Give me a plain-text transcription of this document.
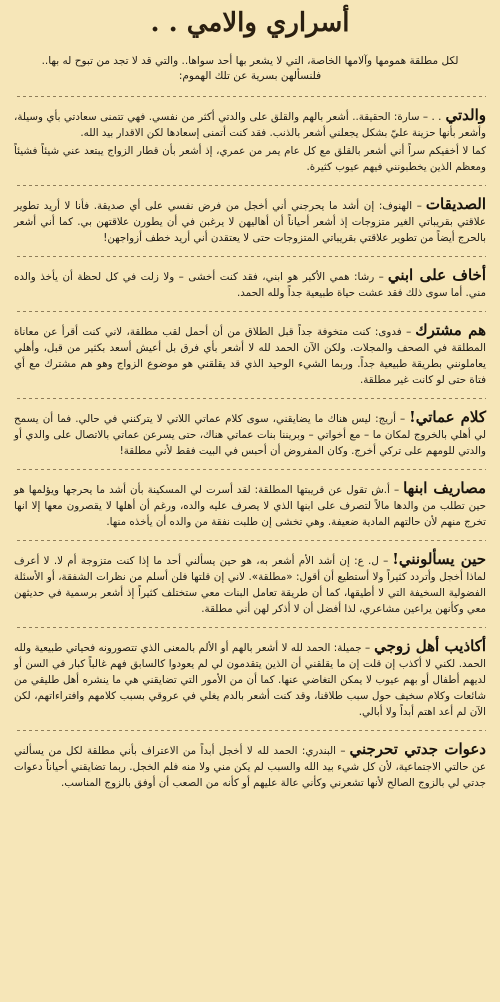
أسراري والامي . .
لكل مطلقة همومها وآلامها الخاصة، التي لا يشعر بها أحد سواها.. والتي قد لا تجد من تبوح له بها.. فلنسألهن بسرية عن تلك الهموم:

والدتي. . – سارة: الحقيقة.. أشعر بالهم والقلق على والدتي أكثر من نفسي. فهي تتمنى سعادتي بأي وسيلة، وأشعر بأنها حزينة عليّ بشكل يجعلني أشعر بالذنب. فقد كنت أتمنى إسعادها لكن الاقدار بيد الله.

كما لا أخفيكم سراً أني أشعر بالقلق مع كل عام يمر من عمري، إذ أشعر بأن قطار الزواج يبتعد عني شيئاً فشيئاً ومعظم الذين يخطبونني فيهم عيوب كثيرة.

الصديقات– الهنوف: إن أشد ما يحرجني أني أخجل من فرض نفسي على أي صديقة. فأنا لا أريد تطوير علاقتي بقريباتي الغير متزوجات إذ أشعر أحياناً أن أهاليهن لا يرغبن في أن يطورن علاقتهن بي. كما أني أشعر بالحرج أيضاً من تطوير علاقتي بقريباتي المتزوجات حتى لا يعتقدن أني أريد خطف أزواجهن!

أخاف على ابني– رشا: همي الأكبر هو ابني، فقد كنت أخشى – ولا زلت في كل لحظة أن يأخذ والده مني. أما سوى ذلك فقد عشت حياة طبيعية جداً ولله الحمد.

هم مشترك– فدوى: كنت متخوفة جداً قبل الطلاق من أن أحمل لقب مطلقة، لاني كنت أقرأ عن معاناة المطلقة في الصحف والمجلات. ولكن الآن الحمد لله لا أشعر بأي فرق بل أعيش أسعد بكثير من قبل، وأهلي يعاملونني بطريقة طبيعية جداً. وربما الشيء الوحيد الذي قد يقلقني هو موضوع الزواج وهو هم مشترك مع أي فتاة حتى لو كانت غير مطلقة.

كلام عماتي!– أريج: ليس هناك ما يضايقني، سوى كلام عماتي اللاتي لا يتركنني في حالي. فما أن يسمح لي أهلي بالخروج لمكان ما – مع أخواتي – وبريننا بنات عماتي هناك، حتى يسرعن عماتي بالاتصال على والدي أو والدتي للومهم على تركي أخرج. وكان المفروض أن أحبس في البيت فقط لأني مطلقة!

مصاريف ابنها– أ.ش تقول عن قريبتها المطلقة: لقد أسرت لي المسكينة بأن أشد ما يحرجها ويؤلمها هو حين تطلب من والدها مالاً لتصرف على ابنها الذي لا يصرف عليه والده، ورغم أن أهلها لا يقصرون معها إلا انها تخرج منهم لأن حالتهم المادية ضعيفة. وهي تخشى إن طلبت نفقة من والده أن يأخذه منها.

حين يسألونني!– ل. ع: إن أشد الأم أشعر به، هو حين يسألني أحد ما إذا كنت متزوجة أم لا. لا أعرف لماذا أخجل وأتردد كثيراً ولا أستطيع أن أقول: «مطلقة». لاني إن قلتها فلن أسلم من نظرات الشفقة، أو الأسئلة الفضولية السخيفة التي لا أطيقها، كما أن طريقة تعامل البنات معي ستختلف كثيراً إذ أشعر برسمية في حديثهن معي وكأنهن يراعين مشاعري، لذا أفضل أن لا أذكر لهن أني مطلقة.

أكاذيب أهل زوجي– جميلة: الحمد لله لا أشعر بالهم أو الألم بالمعنى الذي تتصورونه فحياتي طبيعية ولله الحمد. لكني لا أكذب إن قلت إن ما يقلقني أن الذين يتقدمون لي لم يعودوا كالسابق فهم غالباً كبار في السن أو لديهم أطفال أو بهم عيوب لا يمكن التغاضي عنها. كما أن من الأمور التي تضايقني هي ما ينشره أهل طليقي من شائعات وكلام سخيف حول سبب طلاقنا، وقد كنت أشعر بالدم يغلي في عروقي بسبب كلامهم وافتراءاتهم، لكن الآن لم أعد اهتم أبداً ولا أبالي.

دعوات جدتي تحرجني– البندري: الحمد لله لا أخجل أبداً من الاعتراف بأني مطلقة لكل من يسألني عن حالتي الاجتماعية، لأن كل شيء بيد الله والسبب لم يكن مني ولا منه فلم الخجل. ربما تضايقني أحياناً دعوات جدتي لي بالزوج الصالح لأنها تشعرني وكأني عالة عليهم أو كأنه من الصعب أن أوفق بالزوج المناسب.
